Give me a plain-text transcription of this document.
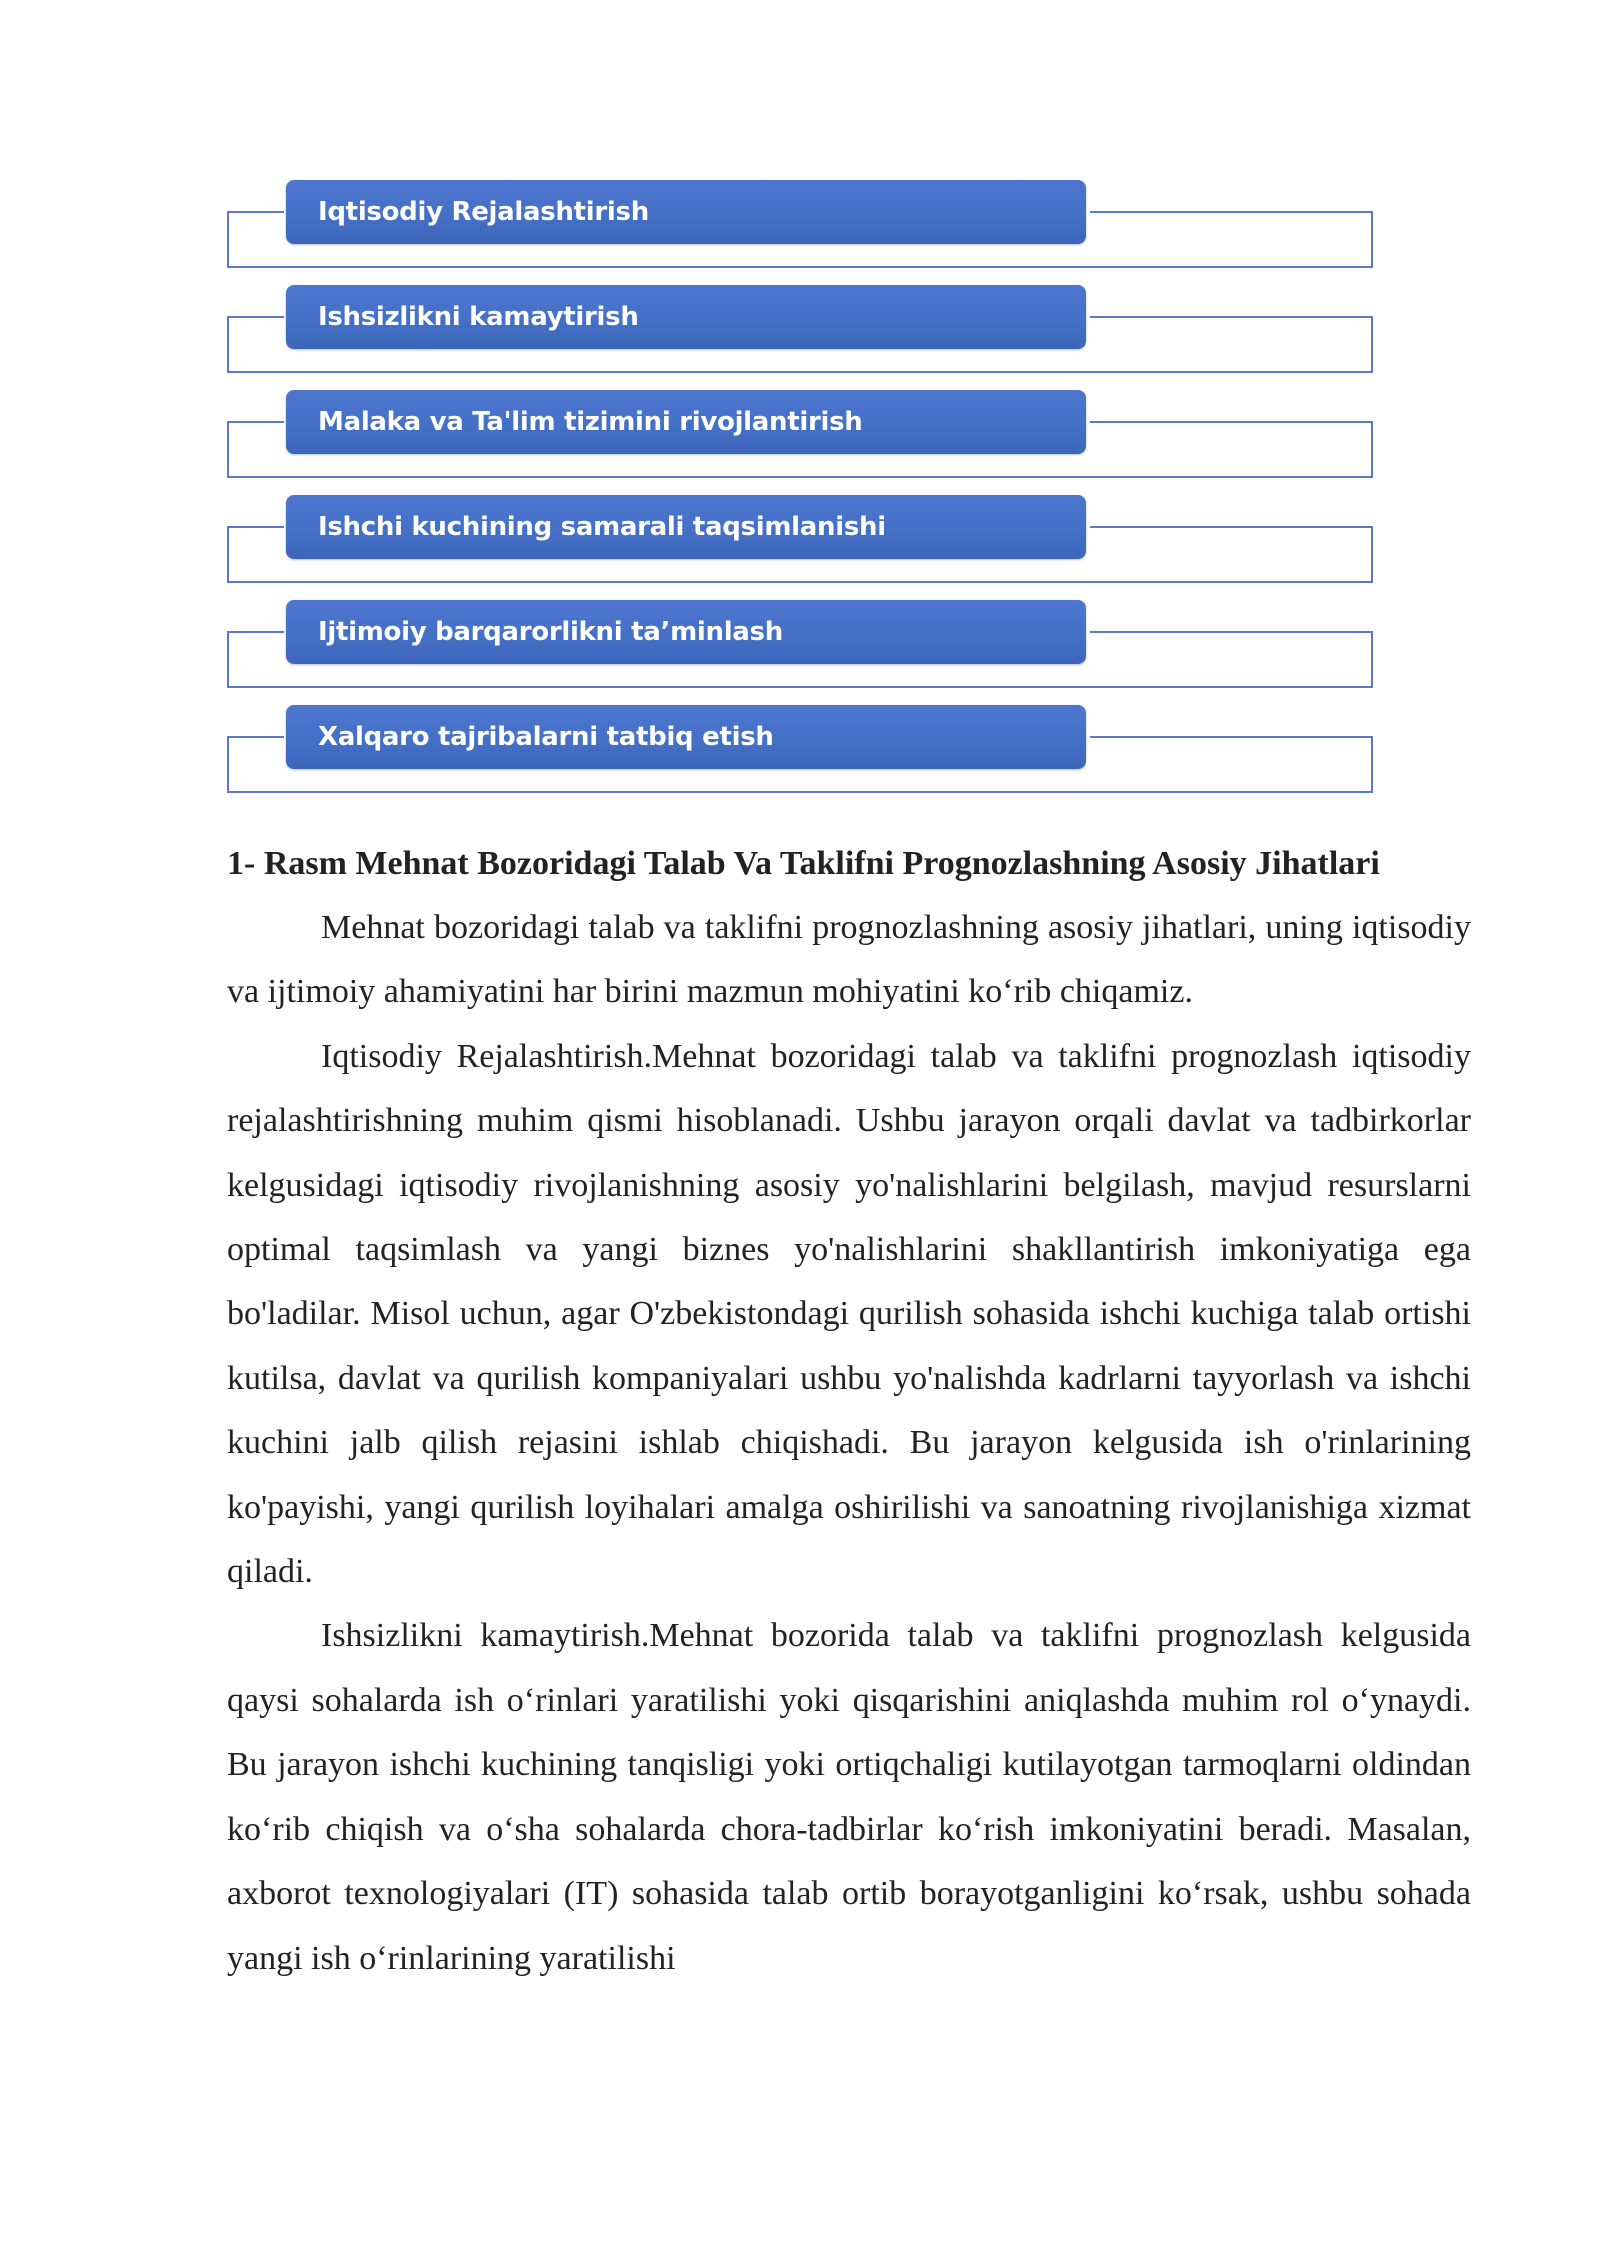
Iqtisodiy Rejalashtirish
Ishsizlikni kamaytirish
Malaka va Ta'lim tizimini rivojlantirish
Ishchi kuchining samarali taqsimlanishi
Ijtimoiy barqarorlikni ta’minlash
Xalqaro tajribalarni tatbiq etish

1- Rasm Mehnat Bozoridagi Talab Va Taklifni Prognozlashning Asosiy Jihatlari

Mehnat bozoridagi talab va taklifni prognozlashning asosiy jihatlari, uning iqtisodiy va ijtimoiy ahamiyatini har birini mazmun mohiyatini ko‘rib chiqamiz.

Iqtisodiy Rejalashtirish.Mehnat bozoridagi talab va taklifni prognozlash iqtisodiy rejalashtirishning muhim qismi hisoblanadi. Ushbu jarayon orqali davlat va tadbirkorlar kelgusidagi iqtisodiy rivojlanishning asosiy yo'nalishlarini belgilash, mavjud resurslarni optimal taqsimlash va yangi biznes yo'nalishlarini shakllantirish imkoniyatiga ega bo'ladilar. Misol uchun, agar O'zbekistondagi qurilish sohasida ishchi kuchiga talab ortishi kutilsa, davlat va qurilish kompaniyalari ushbu yo'nalishda kadrlarni tayyorlash va ishchi kuchini jalb qilish rejasini ishlab chiqishadi. Bu jarayon kelgusida ish o'rinlarining ko'payishi, yangi qurilish loyihalari amalga oshirilishi va sanoatning rivojlanishiga xizmat qiladi.

Ishsizlikni kamaytirish.Mehnat bozorida talab va taklifni prognozlash kelgusida qaysi sohalarda ish o‘rinlari yaratilishi yoki qisqarishini aniqlashda muhim rol o‘ynaydi. Bu jarayon ishchi kuchining tanqisligi yoki ortiqchaligi kutilayotgan tarmoqlarni oldindan ko‘rib chiqish va o‘sha sohalarda chora-tadbirlar ko‘rish imkoniyatini beradi. Masalan, axborot texnologiyalari (IT) sohasida talab ortib borayotganligini ko‘rsak, ushbu sohada yangi ish o‘rinlarining yaratilishi
